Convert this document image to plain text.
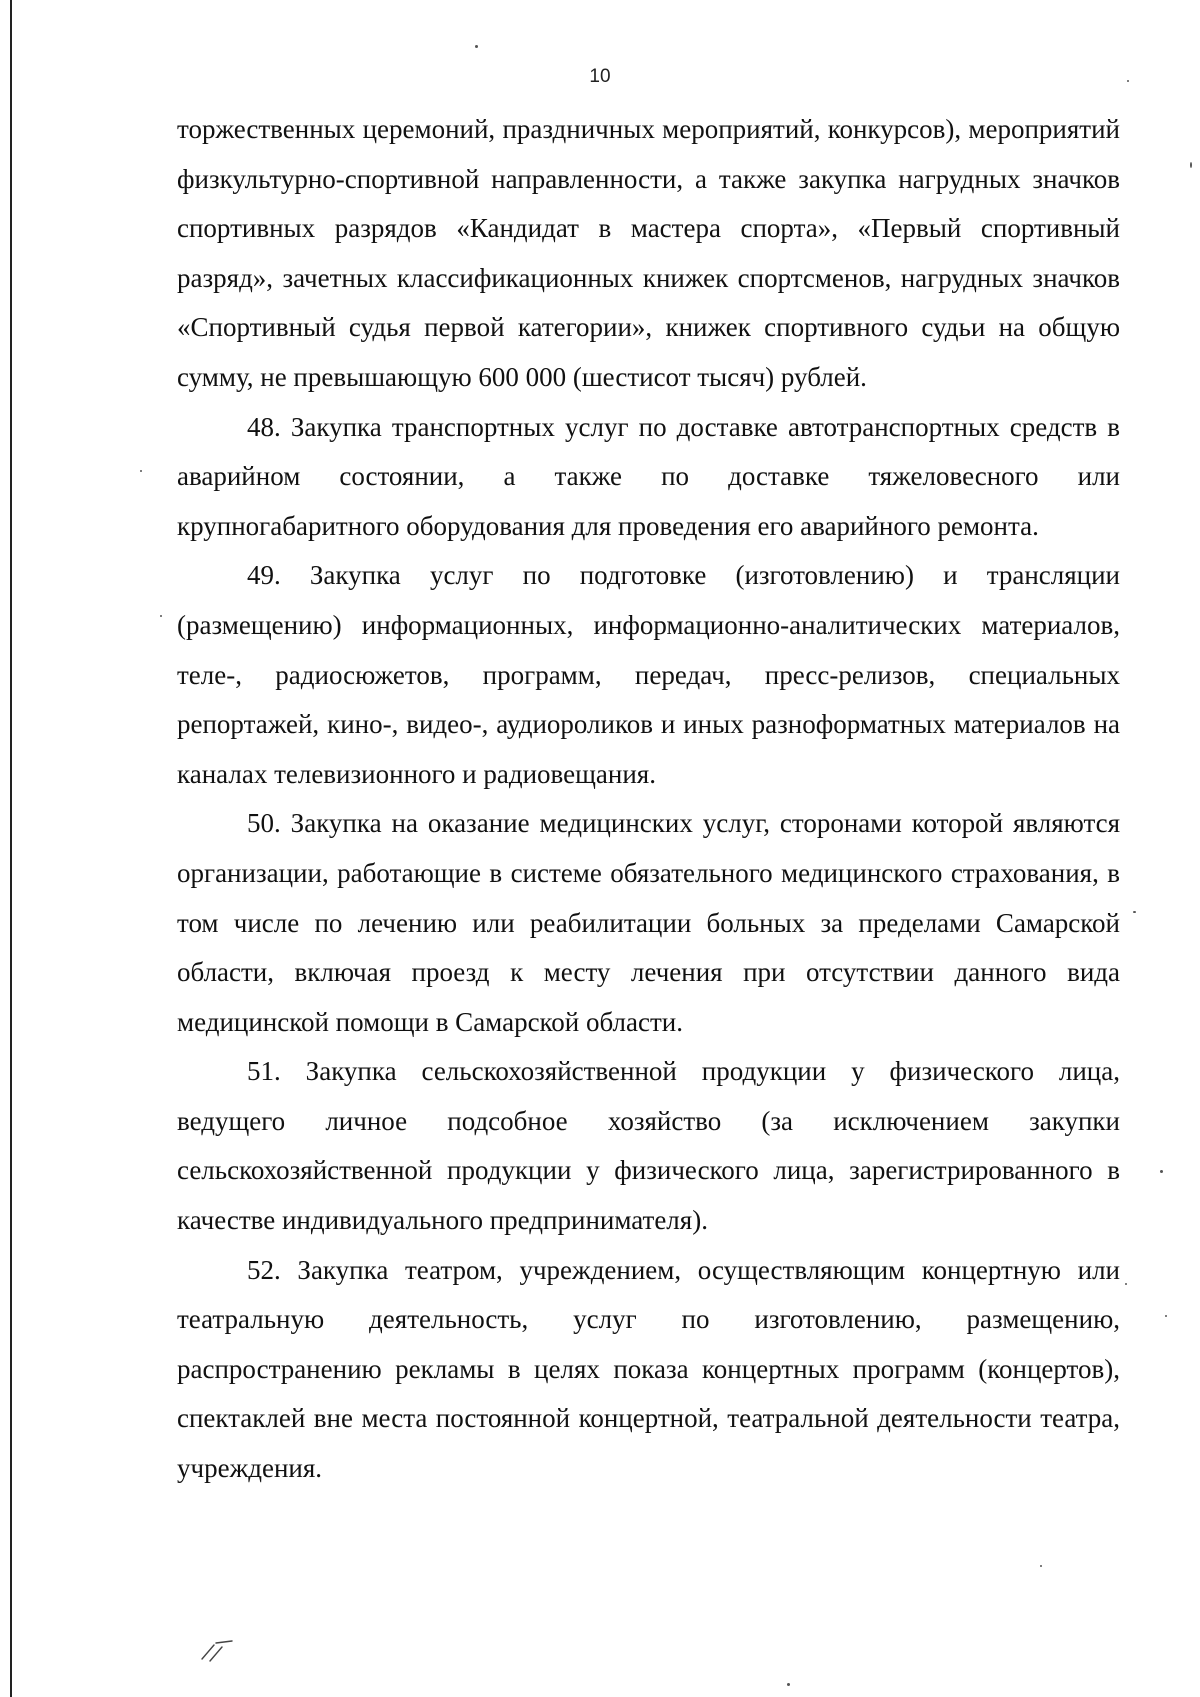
10

торжественных церемоний, праздничных мероприятий, конкурсов), мероприятий физкультурно-спортивной направленности, а также закупка нагрудных значков спортивных разрядов «Кандидат в мастера спорта», «Первый спортивный разряд», зачетных классификационных книжек спортсменов, нагрудных значков «Спортивный судья первой категории», книжек спортивного судьи на общую сумму, не превышающую 600 000 (шестисот тысяч) рублей.

48. Закупка транспортных услуг по доставке автотранспортных средств в аварийном состоянии, а также по доставке тяжеловесного или крупногабаритного оборудования для проведения его аварийного ремонта.

49. Закупка услуг по подготовке (изготовлению) и трансляции (размещению) информационных, информационно-аналитических материалов, теле-, радиосюжетов, программ, передач, пресс-релизов, специальных репортажей, кино-, видео-, аудиороликов и иных разноформатных материалов на каналах телевизионного и радиовещания.

50. Закупка на оказание медицинских услуг, сторонами которой являются организации, работающие в системе обязательного медицинского страхования, в том числе по лечению или реабилитации больных за пределами Самарской области, включая проезд к месту лечения при отсутствии данного вида медицинской помощи в Самарской области.

51. Закупка сельскохозяйственной продукции у физического лица, ведущего личное подсобное хозяйство (за исключением закупки сельскохозяйственной продукции у физического лица, зарегистрированного в качестве индивидуального предпринимателя).

52. Закупка театром, учреждением, осуществляющим концертную или театральную деятельность, услуг по изготовлению, размещению, распространению рекламы в целях показа концертных программ (концертов), спектаклей вне места постоянной концертной, театральной деятельности театра, учреждения.
